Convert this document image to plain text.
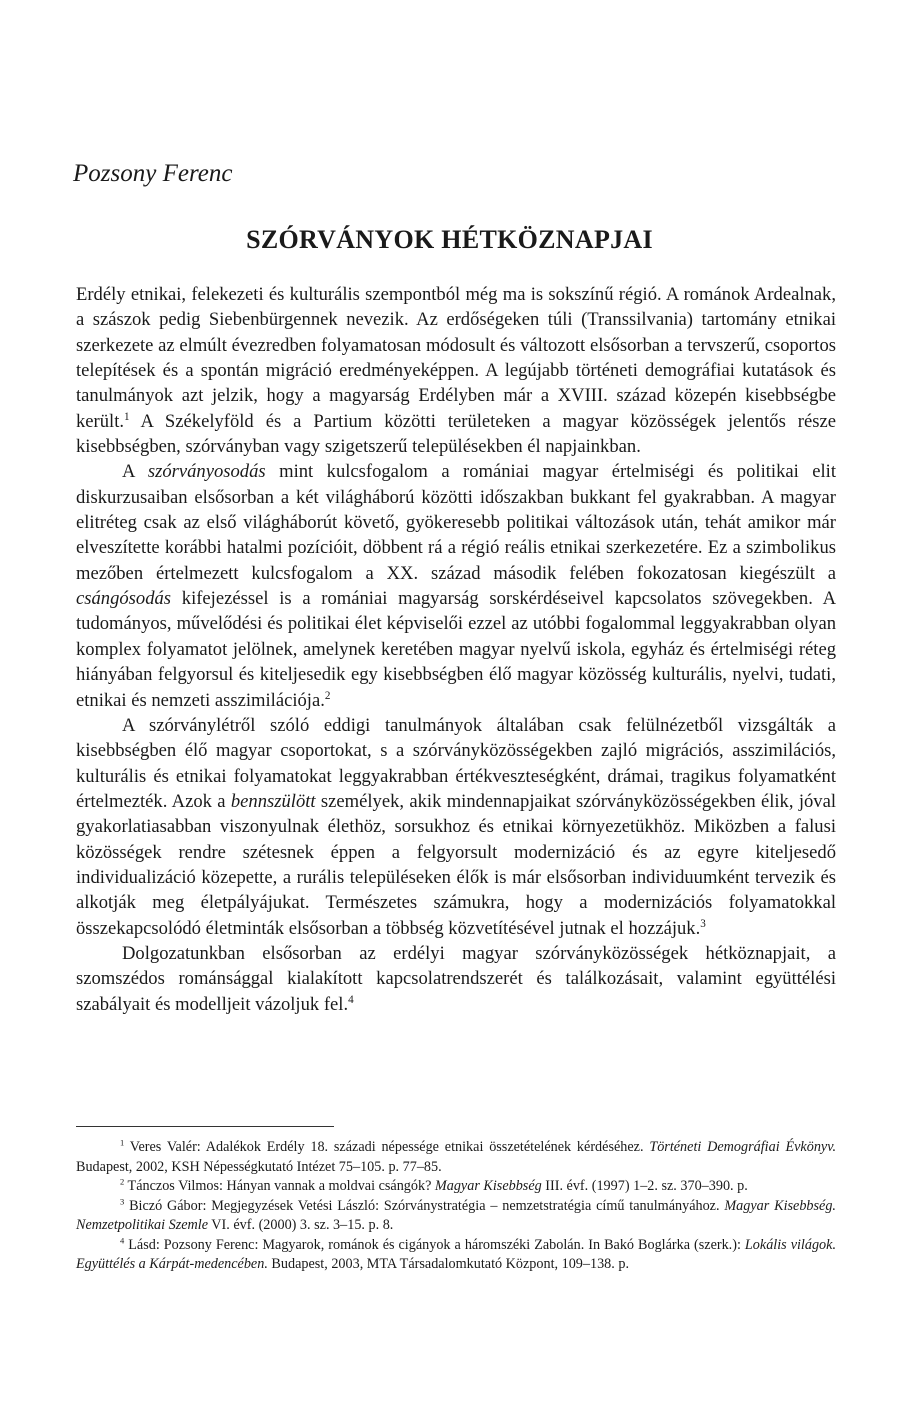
Pozsony Ferenc

SZÓRVÁNYOK HÉTKÖZNAPJAI

Erdély etnikai, felekezeti és kulturális szempontból még ma is sokszínű régió. A románok Ardealnak, a szászok pedig Siebenbürgennek nevezik. Az erdőségeken túli (Transsilvania) tartomány etnikai szerkezete az elmúlt évezredben folyamatosan módosult és változott elsősorban a tervszerű, csoportos telepítések és a spontán migráció eredményeképpen. A legújabb történeti demográfiai kutatások és tanulmányok azt jelzik, hogy a magyarság Erdélyben már a XVIII. század közepén kisebbségbe került.$^1$ A Székelyföld és a Partium közötti területeken a magyar közösségek jelentős része kisebbségben, szórványban vagy szigetszerű településekben él napjainkban.

A szórványosodás mint kulcsfogalom a romániai magyar értelmiségi és politikai elit diskurzusaiban elsősorban a két világháború közötti időszakban bukkant fel gyakrabban. A magyar elitréteg csak az első világháborút követő, gyökeresebb politikai változások után, tehát amikor már elveszítette korábbi hatalmi pozícióit, döbbent rá a régió reális etnikai szerkezetére. Ez a szimbolikus mezőben értelmezett kulcsfogalom a XX. század második felében fokozatosan kiegészült a csángósodás kifejezéssel is a romániai magyarság sorskérdéseivel kapcsolatos szövegekben. A tudományos, művelődési és politikai élet képviselői ezzel az utóbbi fogalommal leggyakrabban olyan komplex folyamatot jelölnek, amelynek keretében magyar nyelvű iskola, egyház és értelmiségi réteg hiányában felgyorsul és kiteljesedik egy kisebbségben élő magyar közösség kulturális, nyelvi, tudati, etnikai és nemzeti asszimilációja.$^2$

A szórványlétről szóló eddigi tanulmányok általában csak felülnézetből vizsgálták a kisebbségben élő magyar csoportokat, s a szórványközösségekben zajló migrációs, asszimilációs, kulturális és etnikai folyamatokat leggyakrabban értékveszteségként, drámai, tragikus folyamatként értelmezték. Azok a bennszülött személyek, akik mindennapjaikat szórványközösségekben élik, jóval gyakorlatiasabban viszonyulnak élethöz, sorsukhoz és etnikai környezetükhöz. Miközben a falusi közösségek rendre szétesnek éppen a felgyorsult modernizáció és az egyre kiteljesedő individualizáció közepette, a rurális településeken élők is már elsősorban individuumként tervezik és alkotják meg életpályájukat. Természetes számukra, hogy a modernizációs folyamatokkal összekapcsolódó életminták elsősorban a többség közvetítésével jutnak el hozzájuk.$^3$

Dolgozatunkban elsősorban az erdélyi magyar szórványközösségek hétköznapjait, a szomszédos románsággal kialakított kapcsolatrendszerét és találkozásait, valamint együttélési szabályait és modelljeit vázoljuk fel.$^4$

$^1$ Veres Valér: Adalékok Erdély 18. századi népessége etnikai összetételének kérdéséhez. Történeti Demográfiai Évkönyv. Budapest, 2002, KSH Népességkutató Intézet 75–105. p. 77–85.

$^2$ Tánczos Vilmos: Hányan vannak a moldvai csángók? Magyar Kisebbség III. évf. (1997) 1–2. sz. 370–390. p.

$^3$ Biczó Gábor: Megjegyzések Vetési László: Szórványstratégia – nemzetstratégia című tanulmányához. Magyar Kisebbség. Nemzetpolitikai Szemle VI. évf. (2000) 3. sz. 3–15. p. 8.

$^4$ Lásd: Pozsony Ferenc: Magyarok, románok és cigányok a háromszéki Zabolán. In Bakó Boglárka (szerk.): Lokális világok. Együttélés a Kárpát-medencében. Budapest, 2003, MTA Társadalomkutató Központ, 109–138. p.
